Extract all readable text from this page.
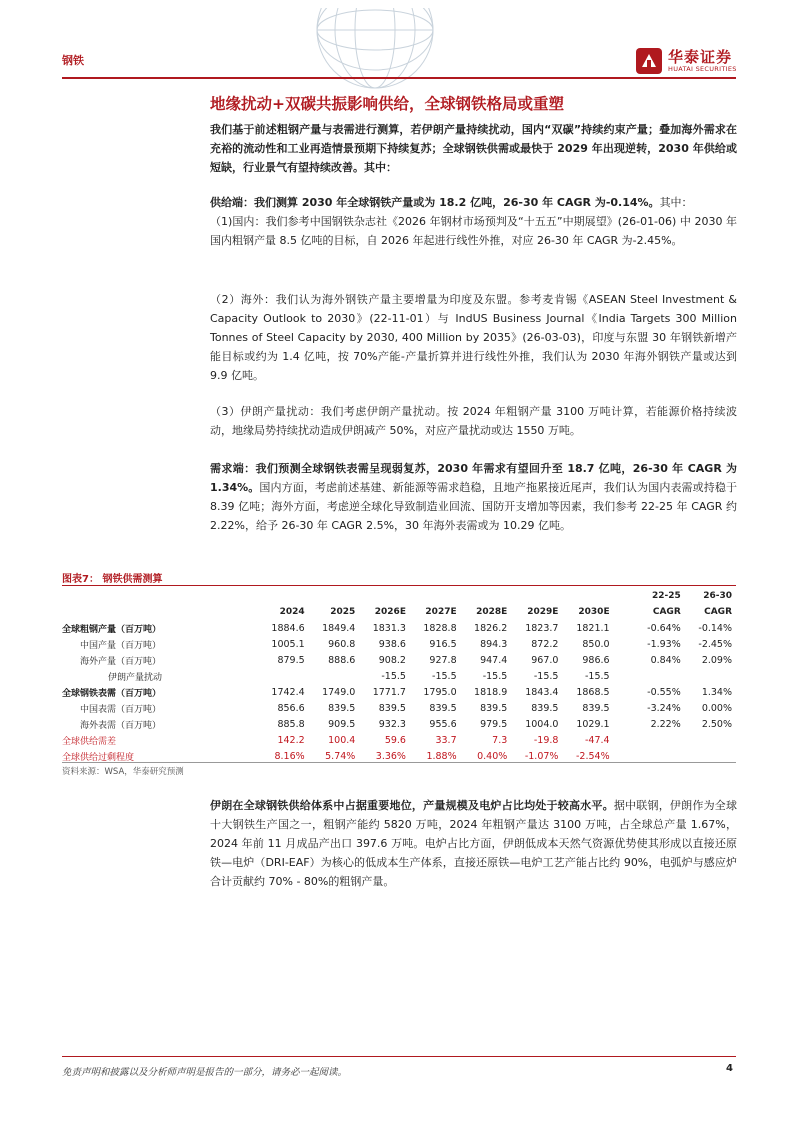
钢铁	华泰证券
HUATAI SECURITIES
地缘扰动+双碳共振影响供给，全球钢铁格局或重塑

我们基于前述粗钢产量与表需进行测算，若伊朗产量持续扰动，国内“双碳”持续约束产量；叠加海外需求在充裕的流动性和工业再造情景预期下持续复苏；全球钢铁供需或最快于 2029 年出现逆转，2030 年供给或短缺，行业景气有望持续改善。其中：

供给端：我们测算 2030 年全球钢铁产量或为 18.2 亿吨，26-30 年 CAGR 为-0.14%。其中：
（1)国内：我们参考中国钢铁杂志社《2026 年钢材市场预判及“十五五”中期展望》(26-01-06) 中 2030 年国内粗钢产量 8.5 亿吨的目标，自 2026 年起进行线性外推，对应 26-30 年 CAGR 为-2.45%。

（2）海外：我们认为海外钢铁产量主要增量为印度及东盟。参考麦肯锡《ASEAN Steel Investment & Capacity Outlook to 2030》(22-11-01）与 IndUS Business Journal《India Targets 300 Million Tonnes of Steel Capacity by 2030, 400 Million by 2035》(26-03-03)，印度与东盟 30 年钢铁新增产能目标或约为 1.4 亿吨，按 70%产能-产量折算并进行线性外推，我们认为 2030 年海外钢铁产量或达到 9.9 亿吨。

（3）伊朗产量扰动：我们考虑伊朗产量扰动。按 2024 年粗钢产量 3100 万吨计算，若能源价格持续波动，地缘局势持续扰动造成伊朗减产 50%，对应产量扰动或达 1550 万吨。

需求端：我们预测全球钢铁表需呈现弱复苏，2030 年需求有望回升至 18.7 亿吨，26-30 年 CAGR 为 1.34%。国内方面，考虑前述基建、新能源等需求趋稳，且地产拖累接近尾声，我们认为国内表需或持稳于 8.39 亿吨；海外方面，考虑逆全球化导致制造业回流、国防开支增加等因素，我们参考 22-25 年 CAGR 约 2.22%，给予 26-30 年 CAGR 2.5%，30 年海外表需或为 10.29 亿吨。

图表7： 钢铁供需测算
									22-25	26-30
	2024	2025	2026E	2027E	2028E	2029E	2030E		CAGR	CAGR
全球粗钢产量（百万吨）	1884.6	1849.4	1831.3	1828.8	1826.2	1823.7	1821.1		-0.64%	-0.14%
中国产量（百万吨）	1005.1	960.8	938.6	916.5	894.3	872.2	850.0		-1.93%	-2.45%
海外产量（百万吨）	879.5	888.6	908.2	927.8	947.4	967.0	986.6		0.84%	2.09%
伊朗产量扰动			-15.5	-15.5	-15.5	-15.5	-15.5			
全球钢铁表需（百万吨）	1742.4	1749.0	1771.7	1795.0	1818.9	1843.4	1868.5		-0.55%	1.34%
中国表需（百万吨）	856.6	839.5	839.5	839.5	839.5	839.5	839.5		-3.24%	0.00%
海外表需（百万吨）	885.8	909.5	932.3	955.6	979.5	1004.0	1029.1		2.22%	2.50%
全球供给需差	142.2	100.4	59.6	33.7	7.3	-19.8	-47.4			
全球供给过剩程度	8.16%	5.74%	3.36%	1.88%	0.40%	-1.07%	-2.54%			
资料来源：WSA，华泰研究预测

伊朗在全球钢铁供给体系中占据重要地位，产量规模及电炉占比均处于较高水平。据中联钢，伊朗作为全球十大钢铁生产国之一，粗钢产能约 5820 万吨，2024 年粗钢产量达 3100 万吨，占全球总产量 1.67%，2024 年前 11 月成品产出口 397.6 万吨。电炉占比方面，伊朗低成本天然气资源优势使其形成以直接还原铁—电炉（DRI-EAF）为核心的低成本生产体系，直接还原铁—电炉工艺产能占比约 90%，电弧炉与感应炉合计贡献约 70% - 80%的粗钢产量。

免责声明和披露以及分析师声明是报告的一部分，请务必一起阅读。	4
